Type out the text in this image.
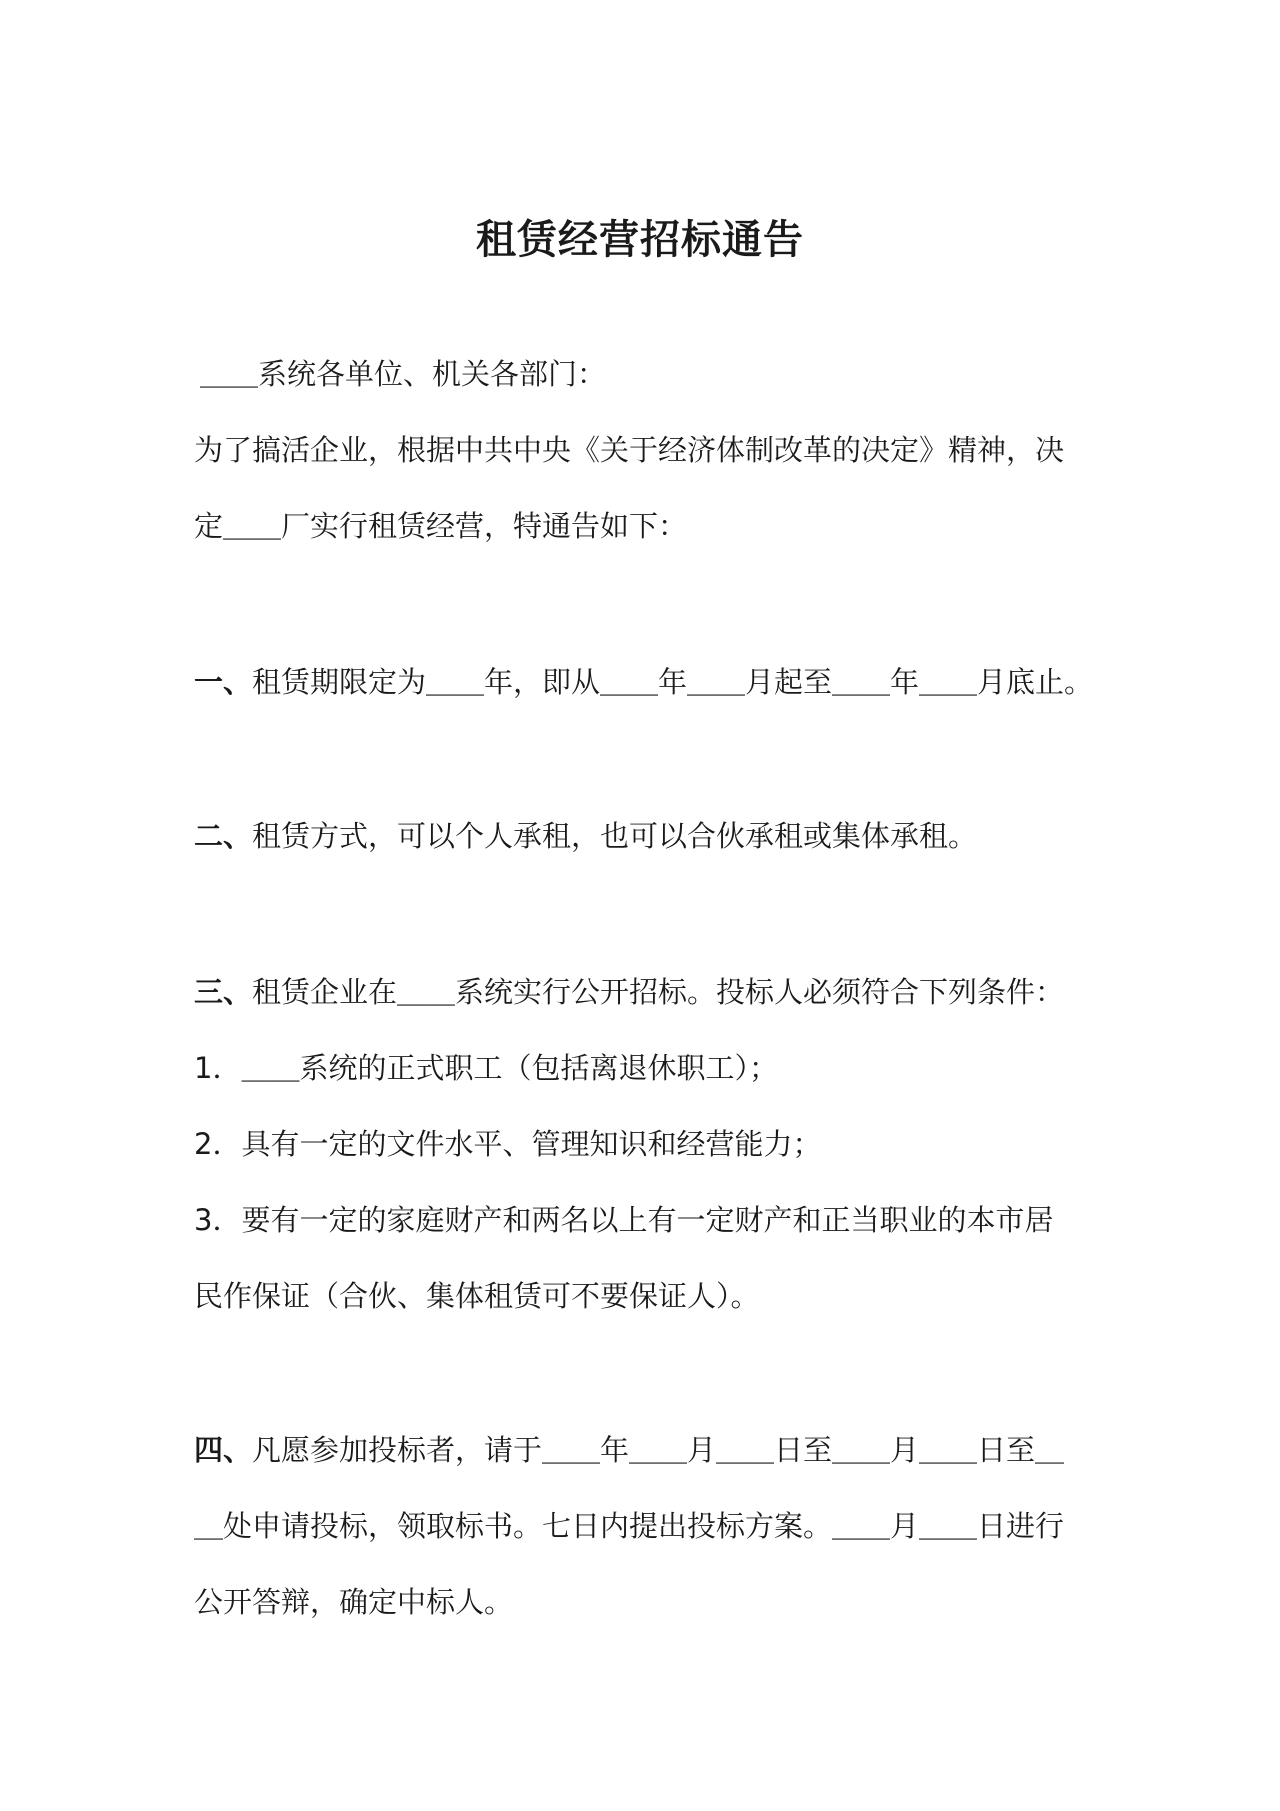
租赁经营招标通告

＿＿系统各单位、机关各部门：

为了搞活企业，根据中共中央《关于经济体制改革的决定》精神，决

定＿＿厂实行租赁经营，特通告如下：

一、租赁期限定为＿＿年，即从＿＿年＿＿月起至＿＿年＿＿月底止。

二、租赁方式，可以个人承租，也可以合伙承租或集体承租。

三、租赁企业在＿＿系统实行公开招标。投标人必须符合下列条件：

1．＿＿系统的正式职工（包括离退休职工）；

2．具有一定的文件水平、管理知识和经营能力；

3．要有一定的家庭财产和两名以上有一定财产和正当职业的本市居

民作保证（合伙、集体租赁可不要保证人）。

四、凡愿参加投标者，请于＿＿年＿＿月＿＿日至＿＿月＿＿日至＿

＿处申请投标，领取标书。七日内提出投标方案。＿＿月＿＿日进行

公开答辩，确定中标人。
